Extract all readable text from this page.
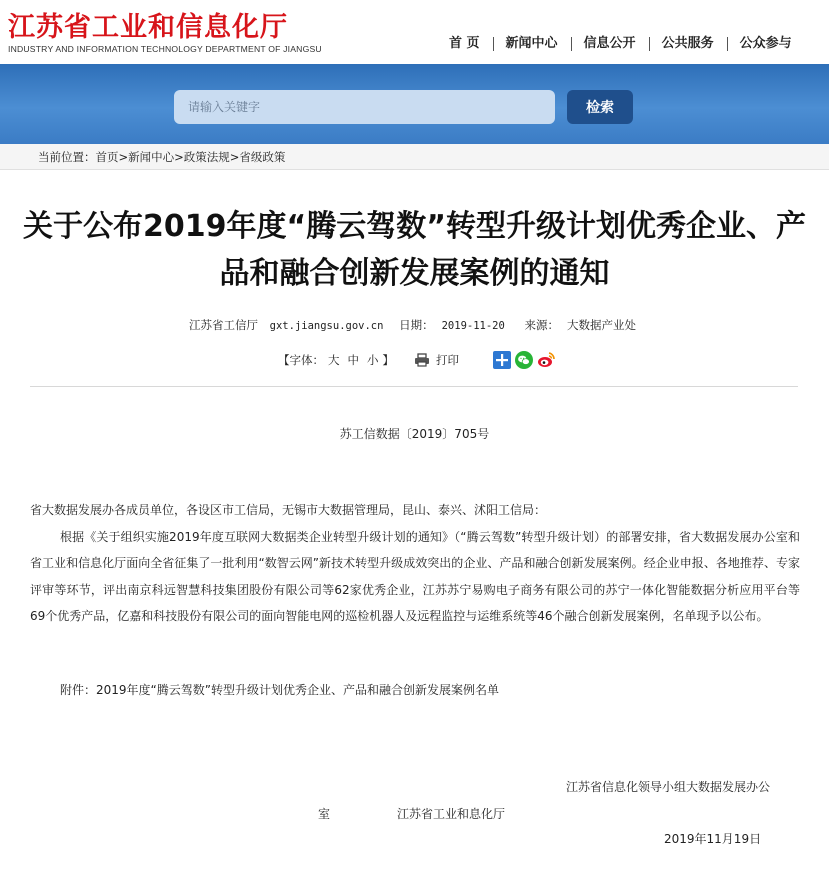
江苏省工业和信息化厅
INDUSTRY AND INFORMATION TECHNOLOGY DEPARTMENT OF JIANGSU	首 页	新闻中心	信息公开	公共服务	公众参与
请输入关键字
检索
当前位置：首页>新闻中心>政策法规>省级政策
关于公布2019年度“腾云驾数”转型升级计划优秀企业、产品和融合创新发展案例的通知
江苏省工信厅 gxt.jiangsu.gov.cn 日期： 2019-11-20 来源： 大数据产业处
【字体： 大 中 小 】	打印
苏工信数据〔2019〕705号

省大数据发展办各成员单位，各设区市工信局，无锡市大数据管理局，昆山、泰兴、沭阳工信局：

根据《关于组织实施2019年度互联网大数据类企业转型升级计划的通知》（“腾云驾数”转型升级计划）的部署安排，省大数据发展办公室和省工业和信息化厅面向全省征集了一批利用“数智云网”新技术转型升级成效突出的企业、产品和融合创新发展案例。经企业申报、各地推荐、专家评审等环节，评出南京科远智慧科技集团股份有限公司等62家优秀企业，江苏苏宁易购电子商务有限公司的苏宁一体化智能数据分析应用平台等69个优秀产品，亿嘉和科技股份有限公司的面向智能电网的巡检机器人及远程监控与运维系统等46个融合创新发展案例，名单现予以公布。

附件：2019年度“腾云驾数”转型升级计划优秀企业、产品和融合创新发展案例名单
江苏省信息化领导小组大数据发展办公
室	江苏省工业和息化厅
2019年11月19日
